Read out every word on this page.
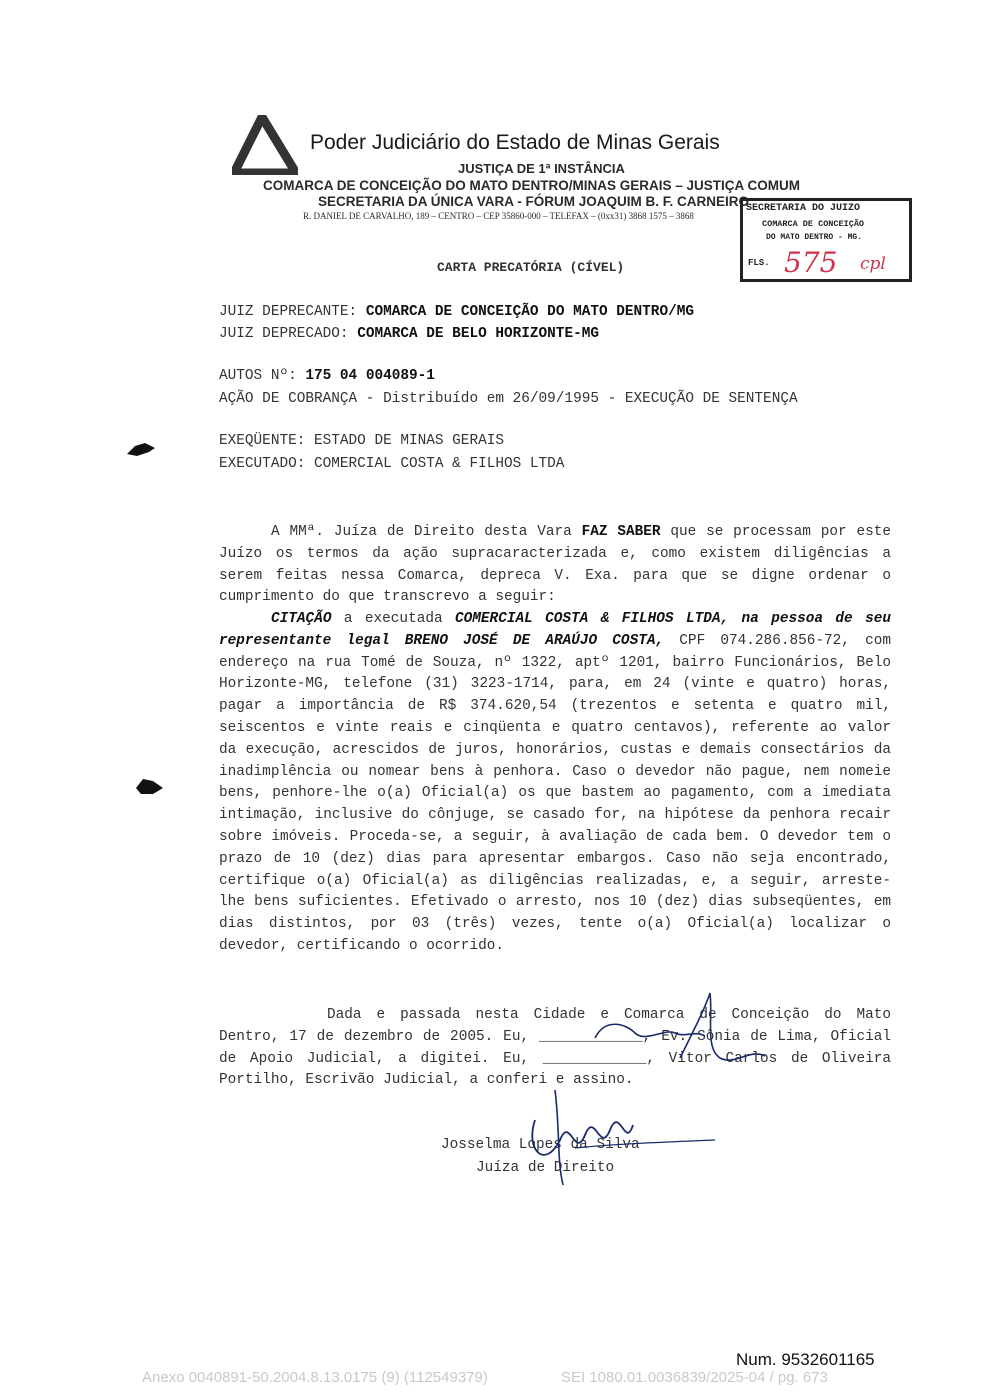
Poder Judiciário do Estado de Minas Gerais
JUSTIÇA DE 1ª INSTÂNCIA
COMARCA DE CONCEIÇÃO DO MATO DENTRO/MINAS GERAIS – JUSTIÇA COMUM
SECRETARIA DA ÚNICA VARA - FÓRUM JOAQUIM B. F. CARNEIRO
R. DANIEL DE CARVALHO, 189 – CENTRO – CEP 35860-000 – TELEFAX – (0xx31) 3868 1575 – 3868
SECRETARIA DO JUIZO
COMARCA DE CONCEIÇÃO
DO MATO DENTRO - MG.
FLS. 575 cpl
CARTA PRECATÓRIA (CÍVEL)
JUIZ DEPRECANTE: COMARCA DE CONCEIÇÃO DO MATO DENTRO/MG
JUIZ DEPRECADO: COMARCA DE BELO HORIZONTE-MG
AUTOS Nº: 175 04 004089-1
AÇÃO DE COBRANÇA - Distribuído em 26/09/1995 - EXECUÇÃO DE SENTENÇA
EXEQÜENTE: ESTADO DE MINAS GERAIS
EXECUTADO: COMERCIAL COSTA & FILHOS LTDA
A MMª. Juíza de Direito desta Vara FAZ SABER que se processam por este Juízo os termos da ação supracaracterizada e, como existem diligências a serem feitas nessa Comarca, depreca V. Exa. para que se digne ordenar o cumprimento do que transcrevo a seguir:
CITAÇÃO a executada COMERCIAL COSTA & FILHOS LTDA, na pessoa de seu representante legal BRENO JOSÉ DE ARAÚJO COSTA, CPF 074.286.856-72, com endereço na rua Tomé de Souza, nº 1322, aptº 1201, bairro Funcionários, Belo Horizonte-MG, telefone (31) 3223-1714, para, em 24 (vinte e quatro) horas, pagar a importância de R$ 374.620,54 (trezentos e setenta e quatro mil, seiscentos e vinte reais e cinqüenta e quatro centavos), referente ao valor da execução, acrescidos de juros, honorários, custas e demais consectários da inadimplência ou nomear bens à penhora. Caso o devedor não pague, nem nomeie bens, penhore-lhe o(a) Oficial(a) os que bastem ao pagamento, com a imediata intimação, inclusive do cônjuge, se casado for, na hipótese da penhora recair sobre imóveis. Proceda-se, a seguir, à avaliação de cada bem. O devedor tem o prazo de 10 (dez) dias para apresentar embargos. Caso não seja encontrado, certifique o(a) Oficial(a) as diligências realizadas, e, a seguir, arreste-lhe bens suficientes. Efetivado o arresto, nos 10 (dez) dias subseqüentes, em dias distintos, por 03 (três) vezes, tente o(a) Oficial(a) localizar o devedor, certificando o ocorrido.
Dada e passada nesta Cidade e Comarca de Conceição do Mato Dentro, 17 de dezembro de 2005. Eu, ____________, Ev. Sônia de Lima, Oficial de Apoio Judicial, a digitei. Eu, ____________, Vitor Carlos de Oliveira Portilho, Escrivão Judicial, a conferi e assino.
Josselma Lopes da Silva
Juíza de Direito
Num. 9532601165
Anexo 0040891-50.2004.8.13.0175 (9) (112549379)	SEI 1080.01.0036839/2025-04 / pg. 673
